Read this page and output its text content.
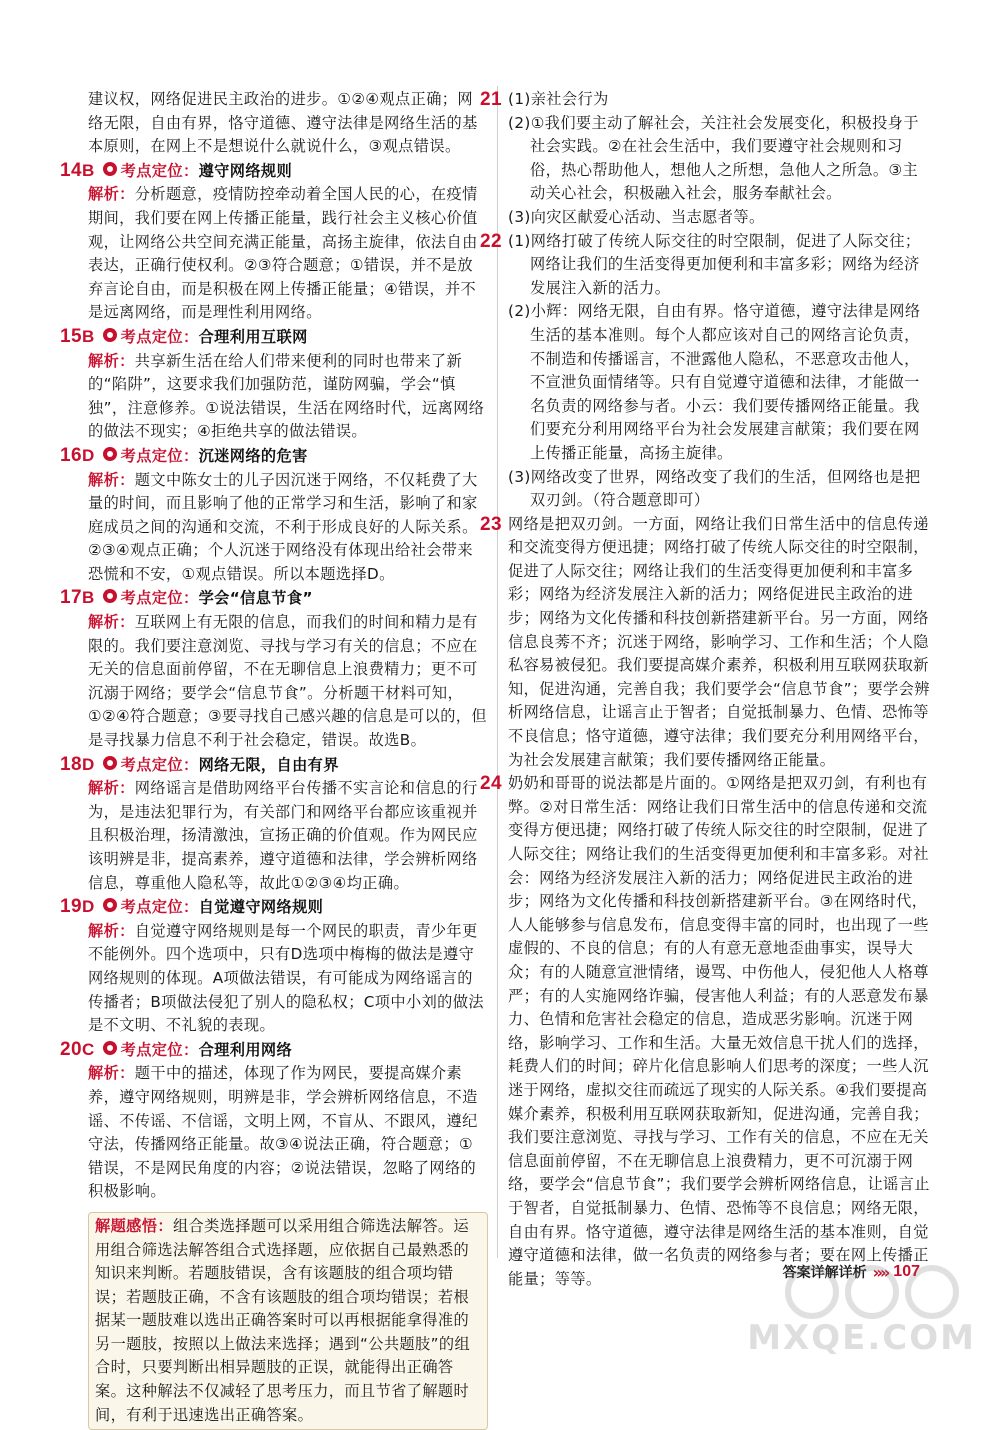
建议权，网络促进民主政治的进步。①②④观点正确；网络无限，自由有界，恪守道德、遵守法律是网络生活的基本原则，在网上不是想说什么就说什么，③观点错误。

14 B 考点定位： 遵守网络规则

解析：分析题意，疫情防控牵动着全国人民的心，在疫情期间，我们要在网上传播正能量，践行社会主义核心价值观，让网络公共空间充满正能量，高扬主旋律，依法自由表达，正确行使权利。②③符合题意；①错误，并不是放弃言论自由，而是积极在网上传播正能量；④错误，并不是远离网络，而是理性利用网络。

15 B 考点定位： 合理利用互联网

解析：共享新生活在给人们带来便利的同时也带来了新的“陷阱”，这要求我们加强防范，谨防网骗，学会“慎独”，注意修养。①说法错误，生活在网络时代，远离网络的做法不现实；④拒绝共享的做法错误。

16 D 考点定位： 沉迷网络的危害

解析：题文中陈女士的儿子因沉迷于网络，不仅耗费了大量的时间，而且影响了他的正常学习和生活，影响了和家庭成员之间的沟通和交流，不利于形成良好的人际关系。②③④观点正确；个人沉迷于网络没有体现出给社会带来恐慌和不安，①观点错误。所以本题选择D。

17 B 考点定位： 学会“信息节食”

解析：互联网上有无限的信息，而我们的时间和精力是有限的。我们要注意浏览、寻找与学习有关的信息；不应在无关的信息面前停留，不在无聊信息上浪费精力；更不可沉溺于网络；要学会“信息节食”。分析题干材料可知，①②④符合题意；③要寻找自己感兴趣的信息是可以的，但是寻找暴力信息不利于社会稳定，错误。故选B。

18 D 考点定位： 网络无限，自由有界

解析：网络谣言是借助网络平台传播不实言论和信息的行为，是违法犯罪行为，有关部门和网络平台都应该重视并且积极治理，扬清激浊，宣扬正确的价值观。作为网民应该明辨是非，提高素养，遵守道德和法律，学会辨析网络信息，尊重他人隐私等，故此①②③④均正确。

19 D 考点定位： 自觉遵守网络规则

解析：自觉遵守网络规则是每一个网民的职责，青少年更不能例外。四个选项中，只有D选项中梅梅的做法是遵守网络规则的体现。A项做法错误，有可能成为网络谣言的传播者；B项做法侵犯了别人的隐私权；C项中小刘的做法是不文明、不礼貌的表现。

20 C 考点定位： 合理利用网络

解析：题干中的描述，体现了作为网民，要提高媒介素养，遵守网络规则，明辨是非，学会辨析网络信息，不造谣、不传谣、不信谣，文明上网，不盲从、不跟风，遵纪守法，传播网络正能量。故③④说法正确，符合题意；①错误，不是网民角度的内容；②说法错误，忽略了网络的积极影响。

解题感悟：组合类选择题可以采用组合筛选法解答。运用组合筛选法解答组合式选择题，应依据自己最熟悉的知识来判断。若题肢错误，含有该题肢的组合项均错误；若题肢正确，不含有该题肢的组合项均错误；若根据某一题肢难以选出正确答案时可以再根据能拿得准的另一题肢，按照以上做法来选择；遇到“公共题肢”的组合时，只要判断出相异题肢的正误，就能得出正确答案。这种解法不仅减轻了思考压力，而且节省了解题时间，有利于迅速选出正确答案。
21 (1)亲社会行为

(2)①我们要主动了解社会，关注社会发展变化，积极投身于社会实践。②在社会生活中，我们要遵守社会规则和习俗，热心帮助他人，想他人之所想，急他人之所急。③主动关心社会，积极融入社会，服务奉献社会。

(3)向灾区献爱心活动、当志愿者等。

22 (1)网络打破了传统人际交往的时空限制，促进了人际交往；网络让我们的生活变得更加便利和丰富多彩；网络为经济发展注入新的活力。

(2)小辉：网络无限，自由有界。恪守道德，遵守法律是网络生活的基本准则。每个人都应该对自己的网络言论负责，不制造和传播谣言，不泄露他人隐私，不恶意攻击他人，不宣泄负面情绪等。只有自觉遵守道德和法律，才能做一名负责的网络参与者。小云：我们要传播网络正能量。我们要充分利用网络平台为社会发展建言献策；我们要在网上传播正能量，高扬主旋律。

(3)网络改变了世界，网络改变了我们的生活，但网络也是把双刃剑。（符合题意即可）

23 网络是把双刃剑。一方面，网络让我们日常生活中的信息传递和交流变得方便迅捷；网络打破了传统人际交往的时空限制，促进了人际交往；网络让我们的生活变得更加便利和丰富多彩；网络为经济发展注入新的活力；网络促进民主政治的进步；网络为文化传播和科技创新搭建新平台。另一方面，网络信息良莠不齐；沉迷于网络，影响学习、工作和生活；个人隐私容易被侵犯。我们要提高媒介素养，积极利用互联网获取新知，促进沟通，完善自我；我们要学会“信息节食”；要学会辨析网络信息，让谣言止于智者；自觉抵制暴力、色情、恐怖等不良信息；恪守道德，遵守法律；我们要充分利用网络平台，为社会发展建言献策；我们要传播网络正能量。

24 奶奶和哥哥的说法都是片面的。①网络是把双刃剑，有利也有弊。②对日常生活：网络让我们日常生活中的信息传递和交流变得方便迅捷；网络打破了传统人际交往的时空限制，促进了人际交往；网络让我们的生活变得更加便利和丰富多彩。对社会：网络为经济发展注入新的活力；网络促进民主政治的进步；网络为文化传播和科技创新搭建新平台。③在网络时代，人人能够参与信息发布，信息变得丰富的同时，也出现了一些虚假的、不良的信息；有的人有意无意地歪曲事实，误导大众；有的人随意宣泄情绪，谩骂、中伤他人，侵犯他人人格尊严；有的人实施网络诈骗，侵害他人利益；有的人恶意发布暴力、色情和危害社会稳定的信息，造成恶劣影响。沉迷于网络，影响学习、工作和生活。大量无效信息干扰人们的选择，耗费人们的时间；碎片化信息影响人们思考的深度；一些人沉迷于网络，虚拟交往而疏远了现实的人际关系。④我们要提高媒介素养，积极利用互联网获取新知，促进沟通，完善自我；我们要注意浏览、寻找与学习、工作有关的信息，不应在无关信息面前停留，不在无聊信息上浪费精力，更不可沉溺于网络，要学会“信息节食”；我们要学会辨析网络信息，让谣言止于智者，自觉抵制暴力、色情、恐怖等不良信息；网络无限，自由有界。恪守道德，遵守法律是网络生活的基本准则，自觉遵守道德和法律，做一名负责的网络参与者；要在网上传播正能量；等等。	答案详解详析 »» 107
MXQE.COM
